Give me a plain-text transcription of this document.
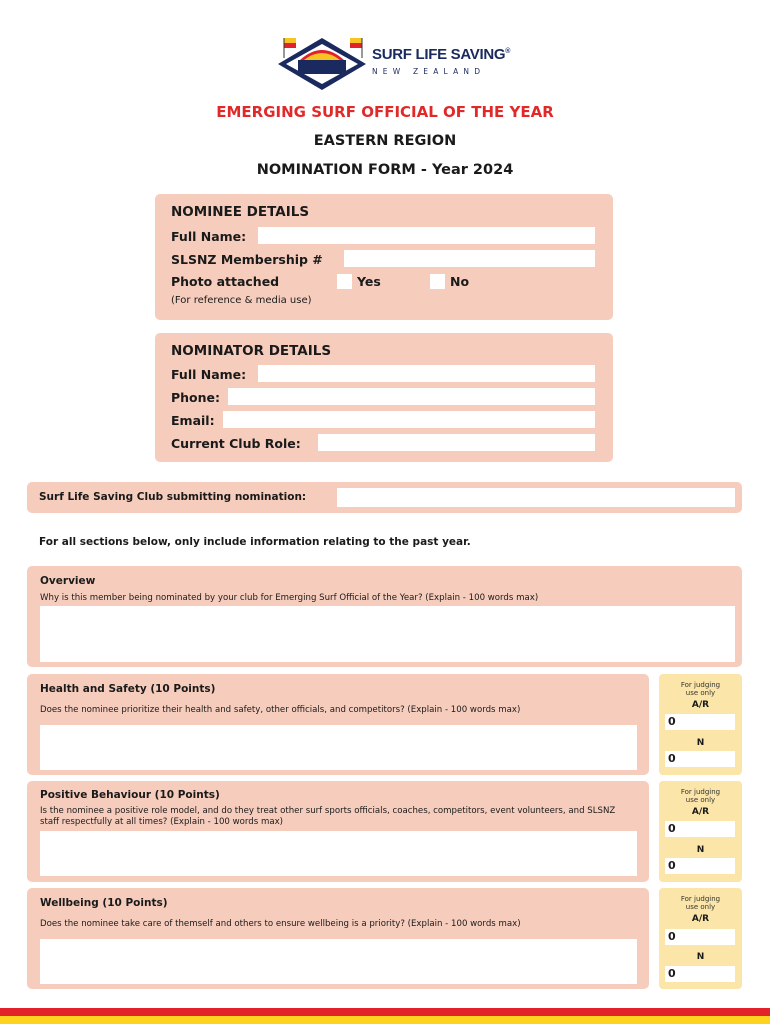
SURF LIFE SAVING®
NEW ZEALAND
EMERGING SURF OFFICIAL OF THE YEAR
EASTERN REGION
NOMINATION FORM - Year 2024
NOMINEE DETAILS
Full Name:
SLSNZ Membership #
Photo attached	Yes	No
(For reference & media use)
NOMINATOR DETAILS
Full Name:
Phone:
Email:
Current Club Role:
Surf Life Saving Club submitting nomination:
For all sections below, only include information relating to the past year.
Overview
Why is this member being nominated by your club for Emerging Surf Official of the Year? (Explain - 100 words max)
Health and Safety (10 Points)
Does the nominee prioritize their health and safety, other officials, and competitors? (Explain - 100 words max)
For judging
use only
A/R
0
N
0
Positive Behaviour (10 Points)
Is the nominee a positive role model, and do they treat other surf sports officials, coaches, competitors, event volunteers, and SLSNZ staff respectfully at all times? (Explain - 100 words max)
For judging
use only
A/R
0
N
0
Wellbeing (10 Points)
Does the nominee take care of themself and others to ensure wellbeing is a priority? (Explain - 100 words max)
For judging
use only
A/R
0
N
0
